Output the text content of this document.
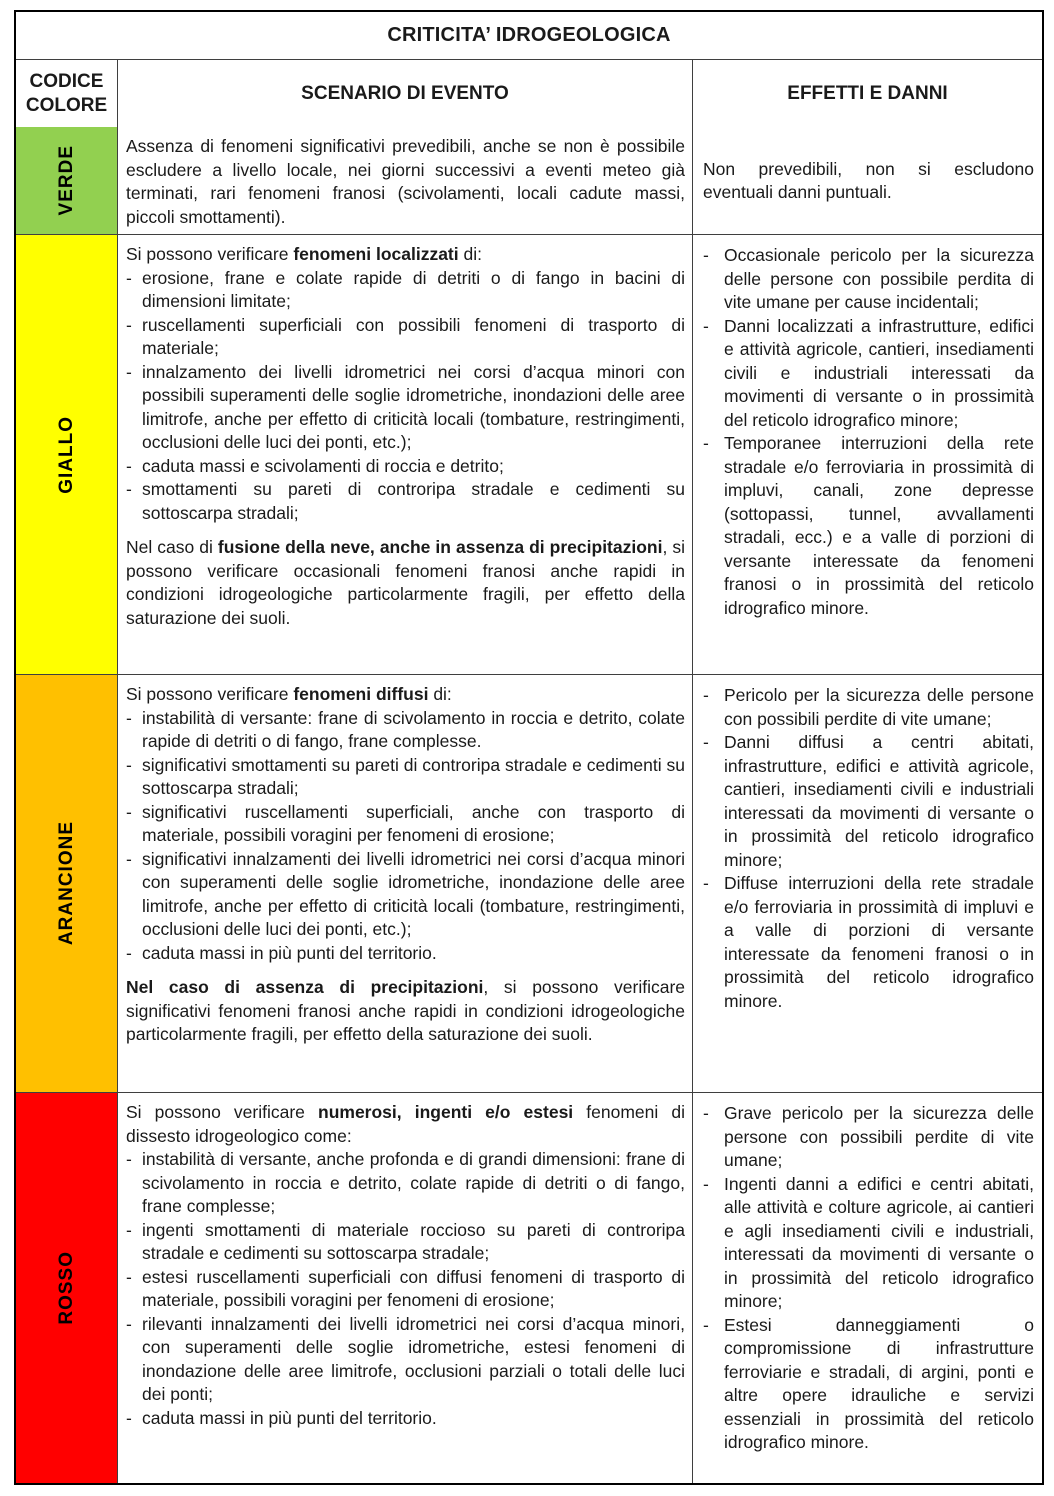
CRITICITA’ IDROGEOLOGICA
CODICE COLORE
SCENARIO DI EVENTO	EFFETTI E DANNI
VERDE	Assenza di fenomeni significativi prevedibili, anche se non è possibile escludere a livello locale, nei giorni successivi a eventi meteo già terminati, rari fenomeni franosi (scivolamenti, locali cadute massi, piccoli smottamenti).
Non prevedibili, non si escludono eventuali danni puntuali.
GIALLO
Si possono verificare fenomeni localizzati di:
- erosione, frane e colate rapide di detriti o di fango in bacini di dimensioni limitate;
- ruscellamenti superficiali con possibili fenomeni di trasporto di materiale;
- innalzamento dei livelli idrometrici nei corsi d’acqua minori con possibili superamenti delle soglie idrometriche, inondazioni delle aree limitrofe, anche per effetto di criticità locali (tombature, restringimenti, occlusioni delle luci dei ponti, etc.);
- caduta massi e scivolamenti di roccia e detrito;
- smottamenti su pareti di controripa stradale e cedimenti su sottoscarpa stradali;
Nel caso di fusione della neve, anche in assenza di precipitazioni, si possono verificare occasionali fenomeni franosi anche rapidi in condizioni idrogeologiche particolarmente fragili, per effetto della saturazione dei suoli.
- Occasionale pericolo per la sicurezza delle persone con possibile perdita di vite umane per cause incidentali;
- Danni localizzati a infrastrutture, edifici e attività agricole, cantieri, insediamenti civili e industriali interessati da movimenti di versante o in prossimità del reticolo idrografico minore;
- Temporanee interruzioni della rete stradale e/o ferroviaria in prossimità di impluvi, canali, zone depresse (sottopassi, tunnel, avvallamenti stradali, ecc.) e a valle di porzioni di versante interessate da fenomeni franosi o in prossimità del reticolo idrografico minore.
ARANCIONE
Si possono verificare fenomeni diffusi di:
- instabilità di versante: frane di scivolamento in roccia e detrito, colate rapide di detriti o di fango, frane complesse.
- significativi smottamenti su pareti di controripa stradale e cedimenti su sottoscarpa stradali;
- significativi ruscellamenti superficiali, anche con trasporto di materiale, possibili voragini per fenomeni di erosione;
- significativi innalzamenti dei livelli idrometrici nei corsi d’acqua minori con superamenti delle soglie idrometriche, inondazione delle aree limitrofe, anche per effetto di criticità locali (tombature, restringimenti, occlusioni delle luci dei ponti, etc.);
- caduta massi in più punti del territorio.
Nel caso di assenza di precipitazioni, si possono verificare significativi fenomeni franosi anche rapidi in condizioni idrogeologiche particolarmente fragili, per effetto della saturazione dei suoli.
- Pericolo per la sicurezza delle persone con possibili perdite di vite umane;
- Danni diffusi a centri abitati, infrastrutture, edifici e attività agricole, cantieri, insediamenti civili e industriali interessati da movimenti di versante o in prossimità del reticolo idrografico minore;
- Diffuse interruzioni della rete stradale e/o ferroviaria in prossimità di impluvi e a valle di porzioni di versante interessate da fenomeni franosi o in prossimità del reticolo idrografico minore.
ROSSO
Si possono verificare numerosi, ingenti e/o estesi fenomeni di dissesto idrogeologico come:
- instabilità di versante, anche profonda e di grandi dimensioni: frane di scivolamento in roccia e detrito, colate rapide di detriti o di fango, frane complesse;
- ingenti smottamenti di materiale roccioso su pareti di controripa stradale e cedimenti su sottoscarpa stradale;
- estesi ruscellamenti superficiali con diffusi fenomeni di trasporto di materiale, possibili voragini per fenomeni di erosione;
- rilevanti innalzamenti dei livelli idrometrici nei corsi d’acqua minori, con superamenti delle soglie idrometriche, estesi fenomeni di inondazione delle aree limitrofe, occlusioni parziali o totali delle luci dei ponti;
- caduta massi in più punti del territorio.
- Grave pericolo per la sicurezza delle persone con possibili perdite di vite umane;
- Ingenti danni a edifici e centri abitati, alle attività e colture agricole, ai cantieri e agli insediamenti civili e industriali, interessati da movimenti di versante o in prossimità del reticolo idrografico minore;
- Estesi danneggiamenti o compromissione di infrastrutture ferroviarie e stradali, di argini, ponti e altre opere idrauliche e servizi essenziali in prossimità del reticolo idrografico minore.
